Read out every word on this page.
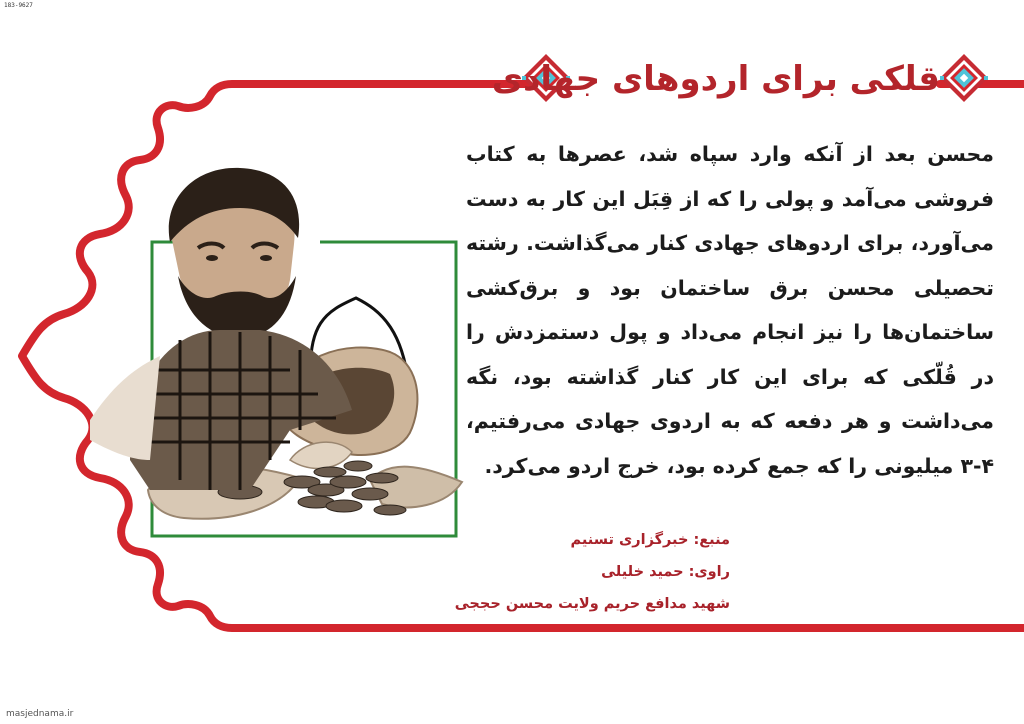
183-9627
قلکی برای اردوهای جهادی
محسن بعد از آنکه وارد سپاه شد، عصرها به کتاب فروشی می‌آمد و پولی را که از قِبَل این کار به دست می‌آورد، برای اردوهای جهادی کنار می‌گذاشت. رشته تحصیلی محسن برق ساختمان بود و برق‌کشی ساختمان‌ها را نیز انجام می‌داد و پول دستمزدش را در قُلّکی که برای این کار کنار گذاشته بود، نگه می‌داشت و هر دفعه که به اردوی جهادی می‌رفتیم، ۴-۳ میلیونی را که جمع کرده بود، خرج اردو می‌کرد.
منبع: خبرگزاری تسنیم
راوی: حمید خلیلی
شهید مدافع حریم ولایت محسن حججی
masjednama.ir
